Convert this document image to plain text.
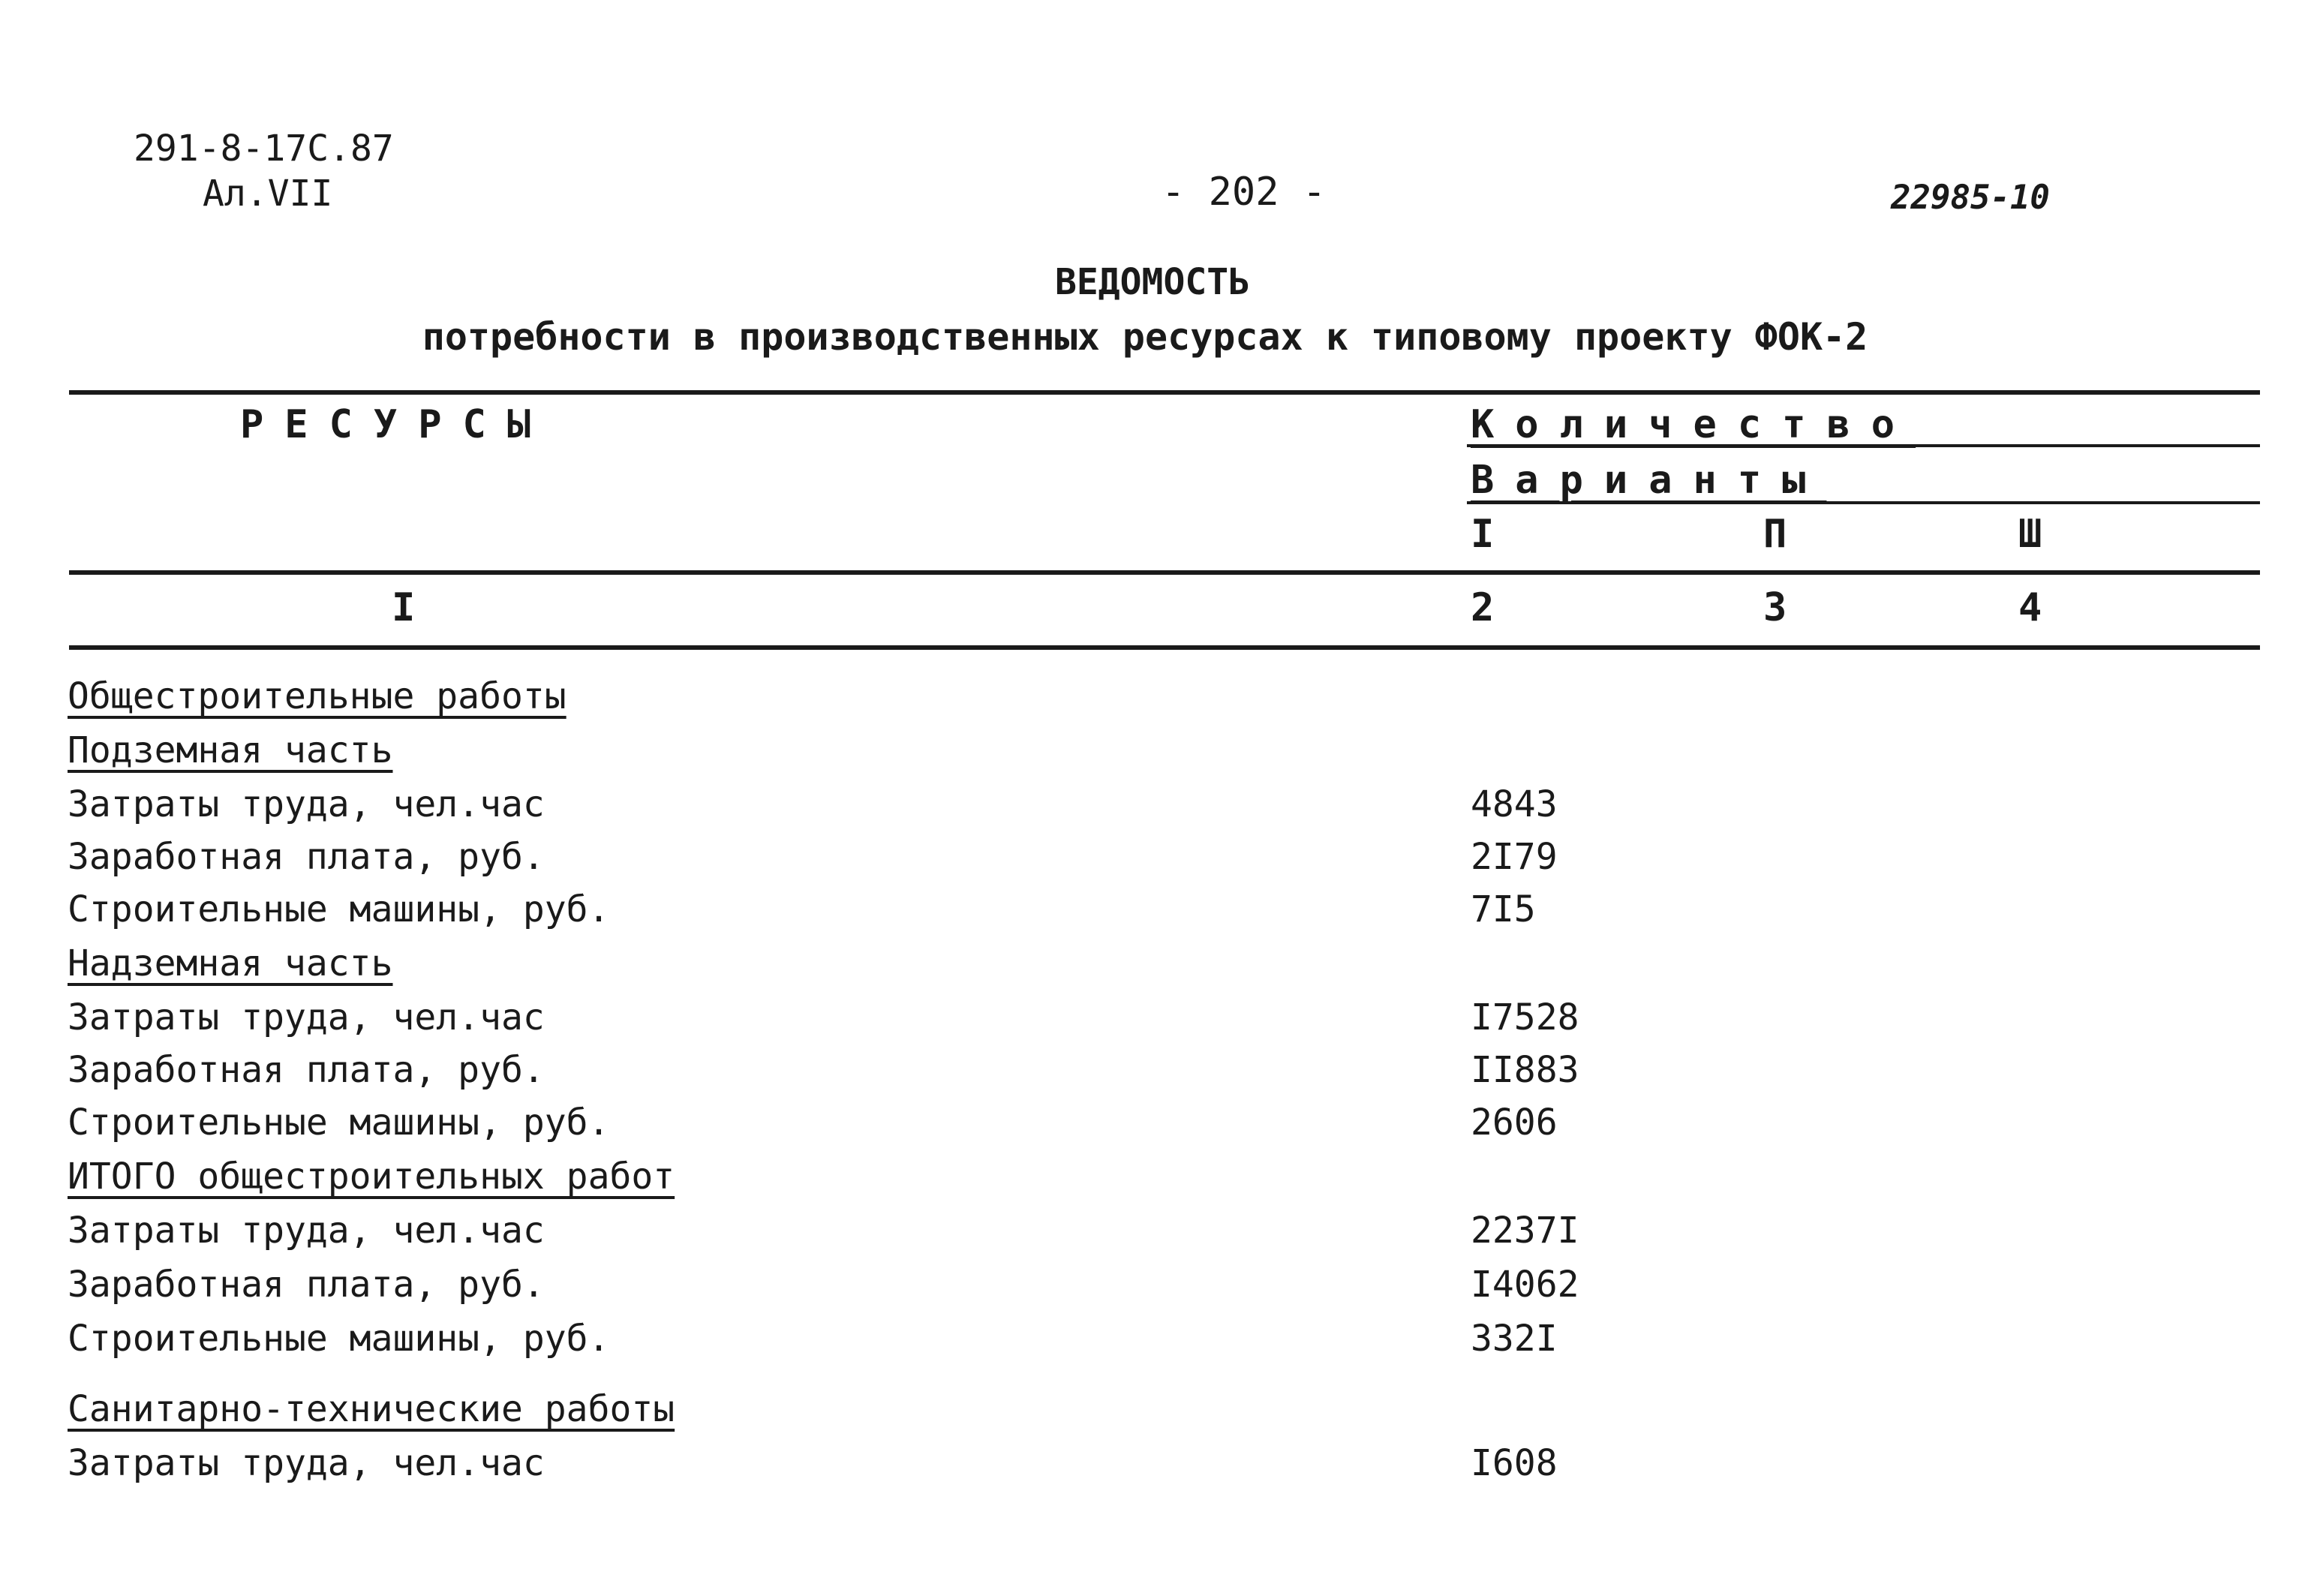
291-8-17C.87
Ал.VII	- 202 -	22985-10
ВЕДОМОСТЬ
потребности в производственных ресурсах к типовому проекту ФОК-2
РЕСУРСЫ	Количество
Варианты
I	П	Ш
I	2	3	4
Общестроительные работы
Подземная часть
Затраты труда, чел.час	4843
Заработная плата, руб.	2I79
Строительные машины, руб.	7I5
Надземная часть
Затраты труда, чел.час	I7528
Заработная плата, руб.	II883
Строительные машины, руб.	2606
ИТОГО общестроительных работ
Затраты труда, чел.час	2237I
Заработная плата, руб.	I4062
Строительные машины, руб.	332I
Санитарно-технические работы
Затраты труда, чел.час	I608
